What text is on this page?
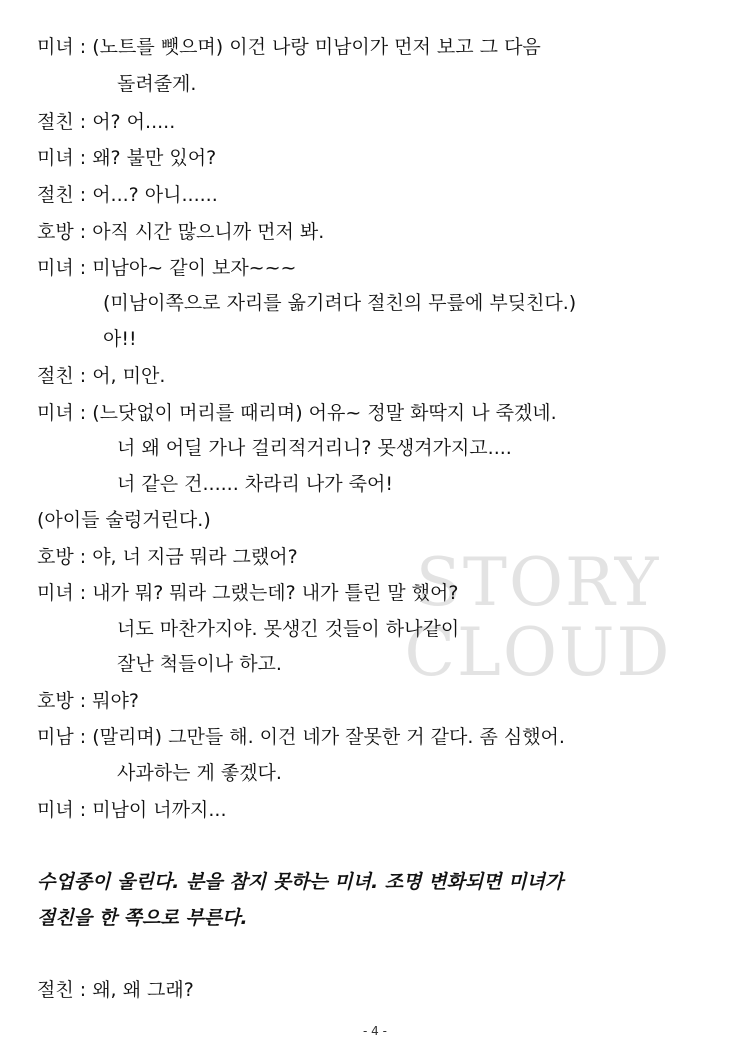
STORY
CLOUD
미녀 : (노트를 뺏으며) 이건 나랑 미남이가 먼저 보고 그 다음
돌려줄게.
절친 : 어? 어.....
미녀 : 왜? 불만 있어?
절친 : 어...? 아니......
호방 : 아직 시간 많으니까 먼저 봐.
미녀 : 미남아~ 같이 보자~~~
(미남이쪽으로 자리를 옮기려다 절친의 무릎에 부딪친다.)
아!!
절친 : 어, 미안.
미녀 : (느닷없이 머리를 때리며) 어유~ 정말 화딱지 나 죽겠네.
너 왜 어딜 가나 걸리적거리니? 못생겨가지고....
너 같은 건...... 차라리 나가 죽어!
(아이들 술렁거린다.)
호방 : 야, 너 지금 뭐라 그랬어?
미녀 : 내가 뭐? 뭐라 그랬는데? 내가 틀린 말 했어?
너도 마찬가지야. 못생긴 것들이 하나같이
잘난 척들이나 하고.
호방 : 뭐야?
미남 : (말리며) 그만들 해. 이건 네가 잘못한 거 같다. 좀 심했어.
사과하는 게 좋겠다.
미녀 : 미남이 너까지...
수업종이 울린다. 분을 참지 못하는 미녀. 조명 변화되면 미녀가
절친을 한 쪽으로 부른다.
절친 : 왜, 왜 그래?
- 4 -
